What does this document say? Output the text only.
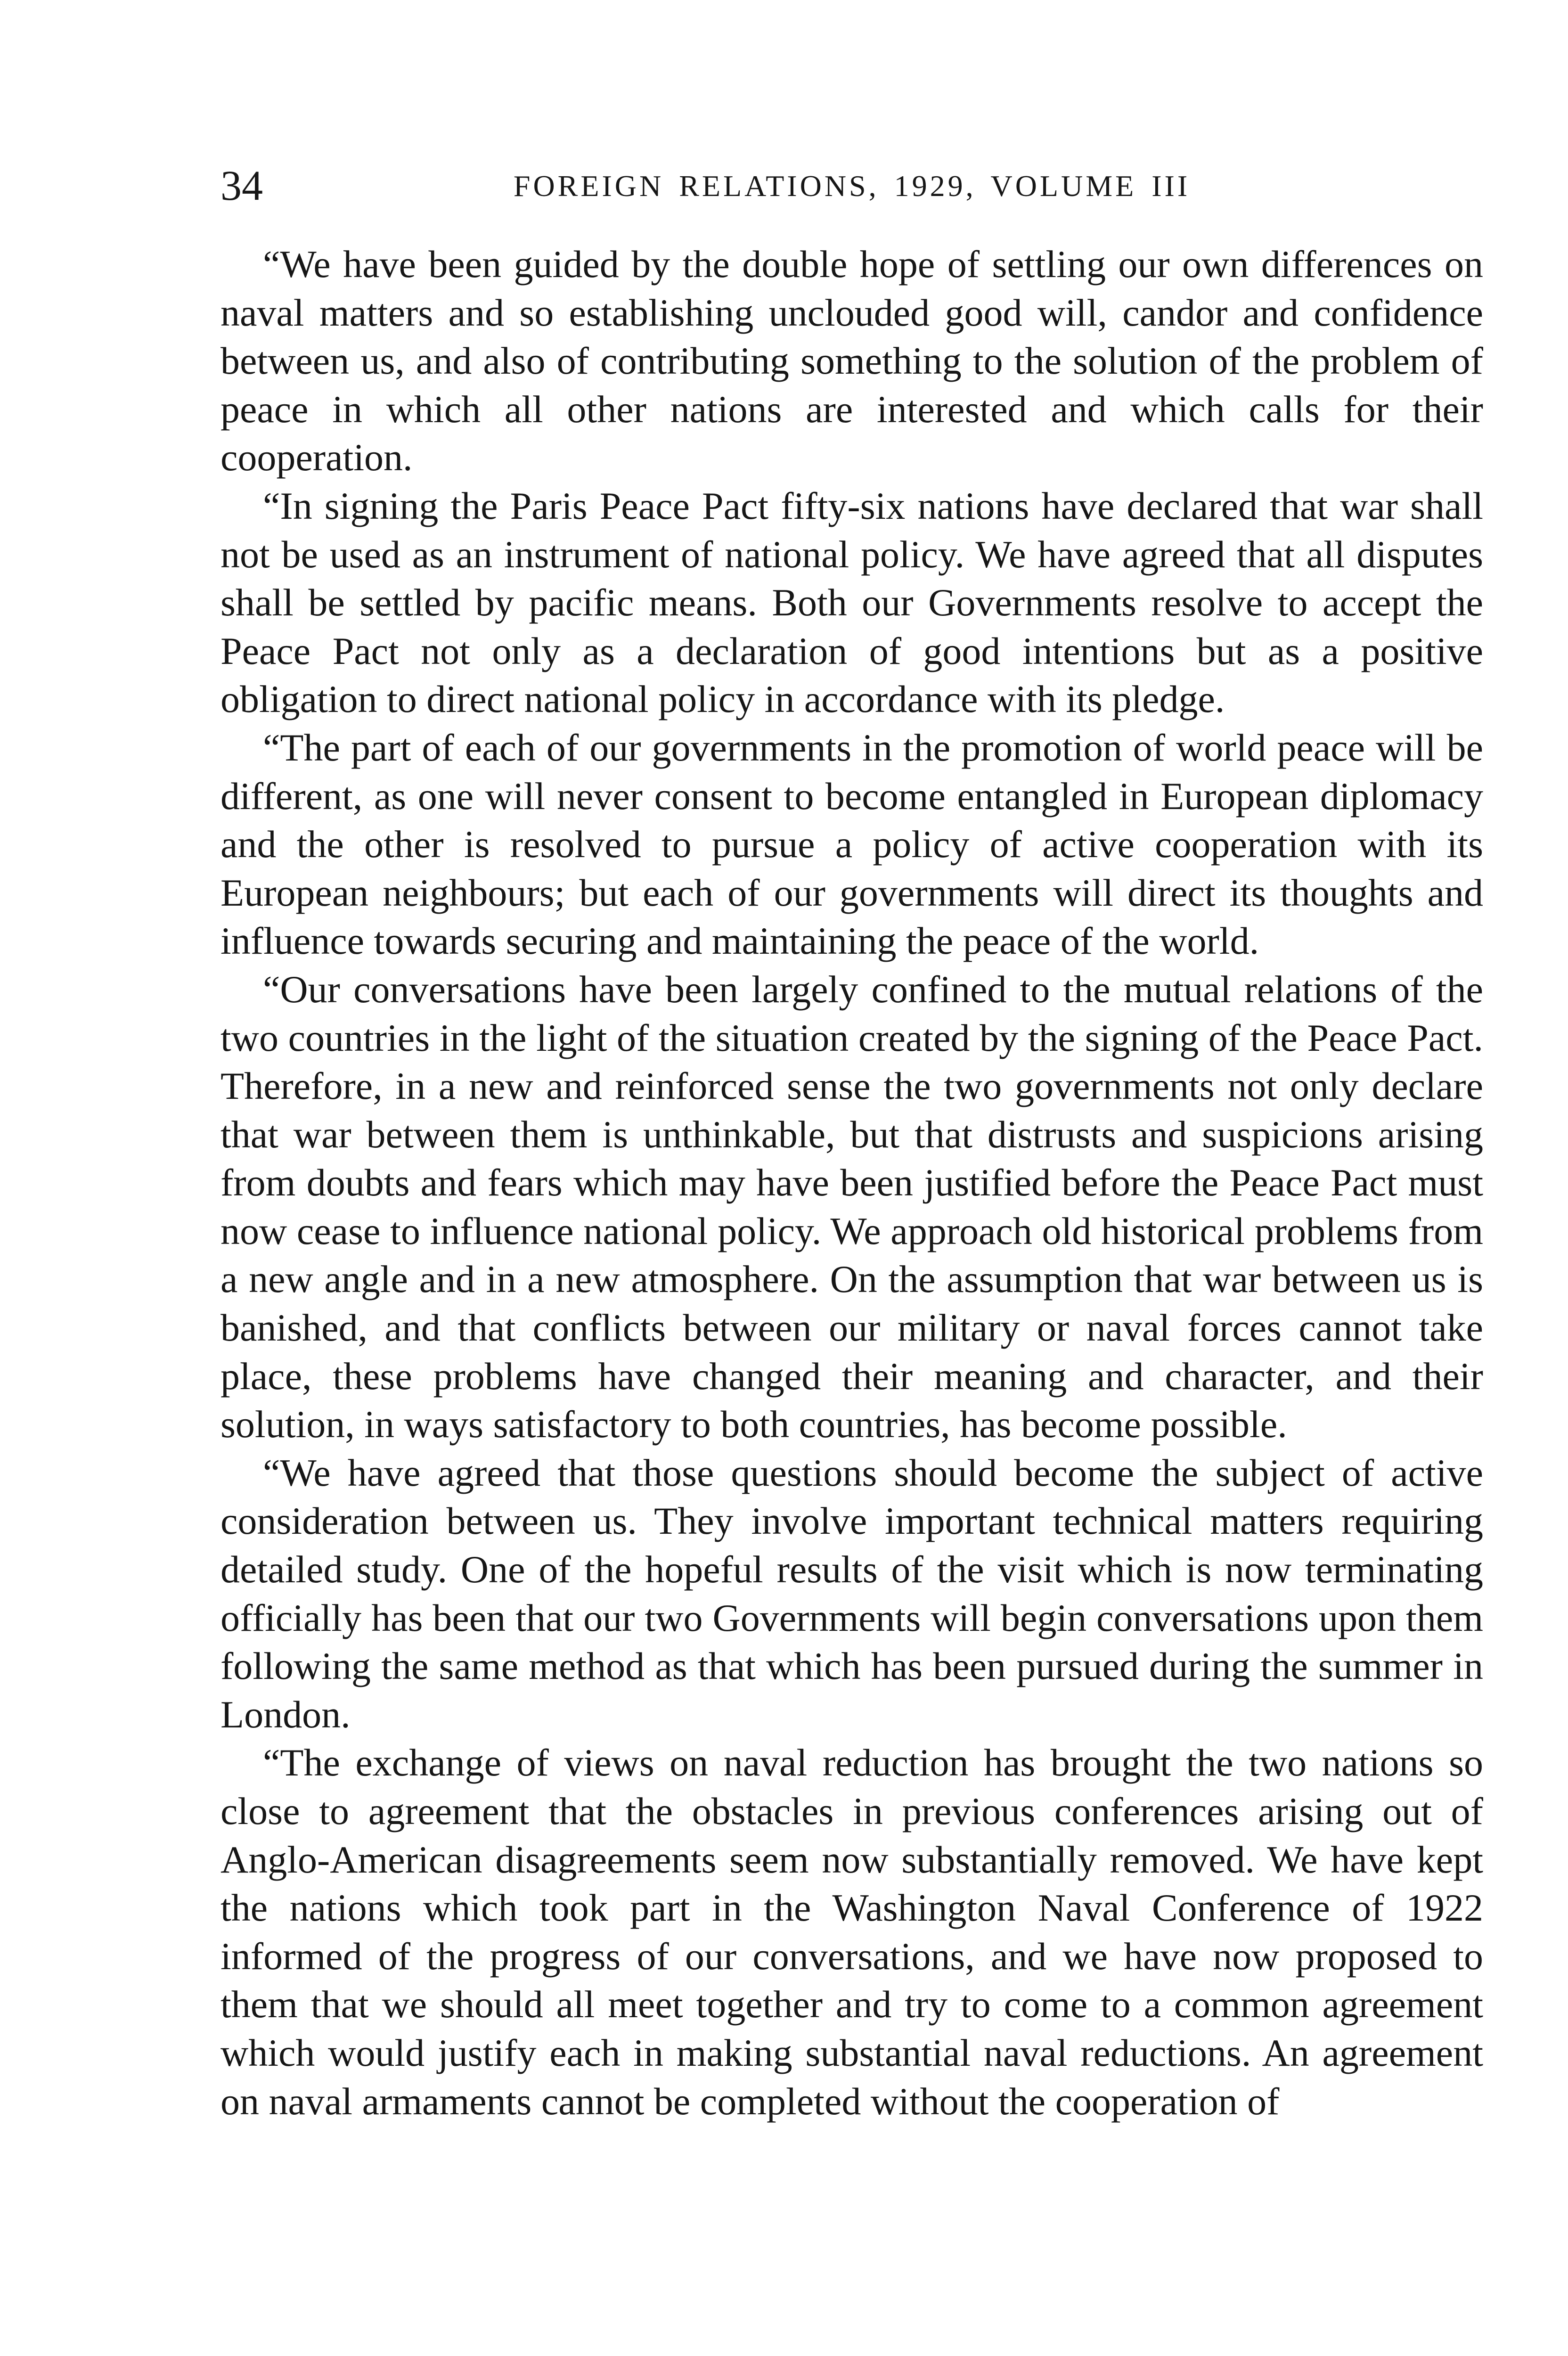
34	FOREIGN RELATIONS, 1929, VOLUME III

“We have been guided by the double hope of settling our own differences on naval matters and so establishing unclouded good will, candor and confidence between us, and also of contributing something to the solution of the problem of peace in which all other nations are interested and which calls for their cooperation.

“In signing the Paris Peace Pact fifty-six nations have declared that war shall not be used as an instrument of national policy. We have agreed that all disputes shall be settled by pacific means. Both our Governments resolve to accept the Peace Pact not only as a declaration of good intentions but as a positive obligation to direct national policy in accordance with its pledge.

“The part of each of our governments in the promotion of world peace will be different, as one will never consent to become entangled in European diplomacy and the other is resolved to pursue a policy of active cooperation with its European neighbours; but each of our governments will direct its thoughts and influence towards securing and maintaining the peace of the world.

“Our conversations have been largely confined to the mutual relations of the two countries in the light of the situation created by the signing of the Peace Pact. Therefore, in a new and reinforced sense the two governments not only declare that war between them is unthinkable, but that distrusts and suspicions arising from doubts and fears which may have been justified before the Peace Pact must now cease to influence national policy. We approach old historical problems from a new angle and in a new atmosphere. On the assumption that war between us is banished, and that conflicts between our military or naval forces cannot take place, these problems have changed their meaning and character, and their solution, in ways satisfactory to both countries, has become possible.

“We have agreed that those questions should become the subject of active consideration between us. They involve important technical matters requiring detailed study. One of the hopeful results of the visit which is now terminating officially has been that our two Governments will begin conversations upon them following the same method as that which has been pursued during the summer in London.

“The exchange of views on naval reduction has brought the two nations so close to agreement that the obstacles in previous conferences arising out of Anglo-American disagreements seem now substantially removed. We have kept the nations which took part in the Washington Naval Conference of 1922 informed of the progress of our conversations, and we have now proposed to them that we should all meet together and try to come to a common agreement which would justify each in making substantial naval reductions. An agreement on naval armaments cannot be completed without the cooperation of
